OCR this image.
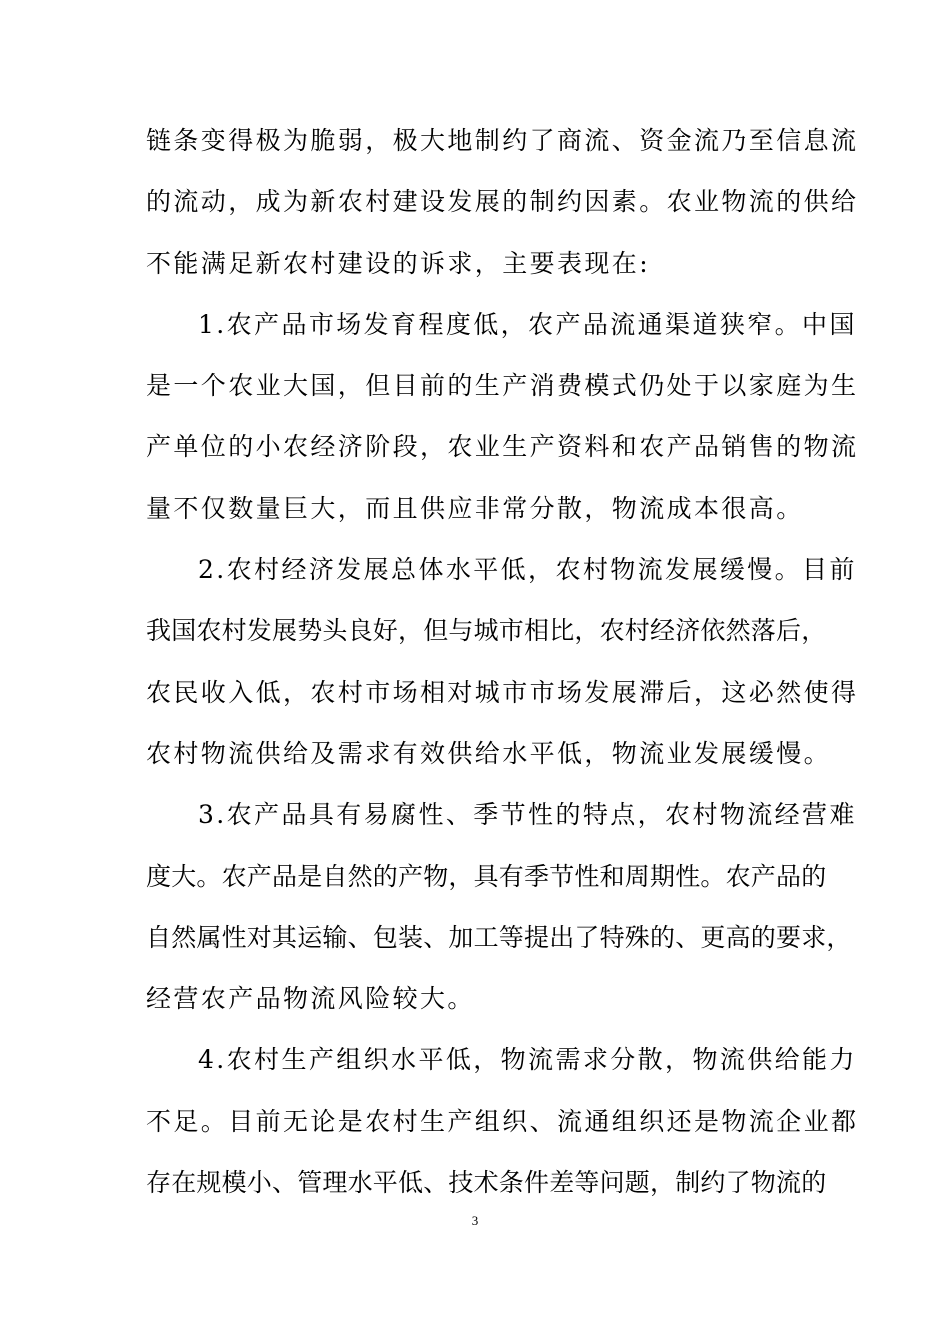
链条变得极为脆弱，极大地制约了商流、资金流乃至信息流
的流动，成为新农村建设发展的制约因素。农业物流的供给
不能满足新农村建设的诉求，主要表现在:
1.农产品市场发育程度低，农产品流通渠道狭窄。中国
是一个农业大国，但目前的生产消费模式仍处于以家庭为生
产单位的小农经济阶段，农业生产资料和农产品销售的物流
量不仅数量巨大，而且供应非常分散，物流成本很高。
2.农村经济发展总体水平低，农村物流发展缓慢。目前
我国农村发展势头良好，但与城市相比，农村经济依然落后，
农民收入低，农村市场相对城市市场发展滞后，这必然使得
农村物流供给及需求有效供给水平低，物流业发展缓慢。
3.农产品具有易腐性、季节性的特点，农村物流经营难
度大。农产品是自然的产物，具有季节性和周期性。农产品的
自然属性对其运输、包装、加工等提出了特殊的、更高的要求，
经营农产品物流风险较大。
4.农村生产组织水平低，物流需求分散，物流供给能力
不足。目前无论是农村生产组织、流通组织还是物流企业都
存在规模小、管理水平低、技术条件差等问题，制约了物流的
3
